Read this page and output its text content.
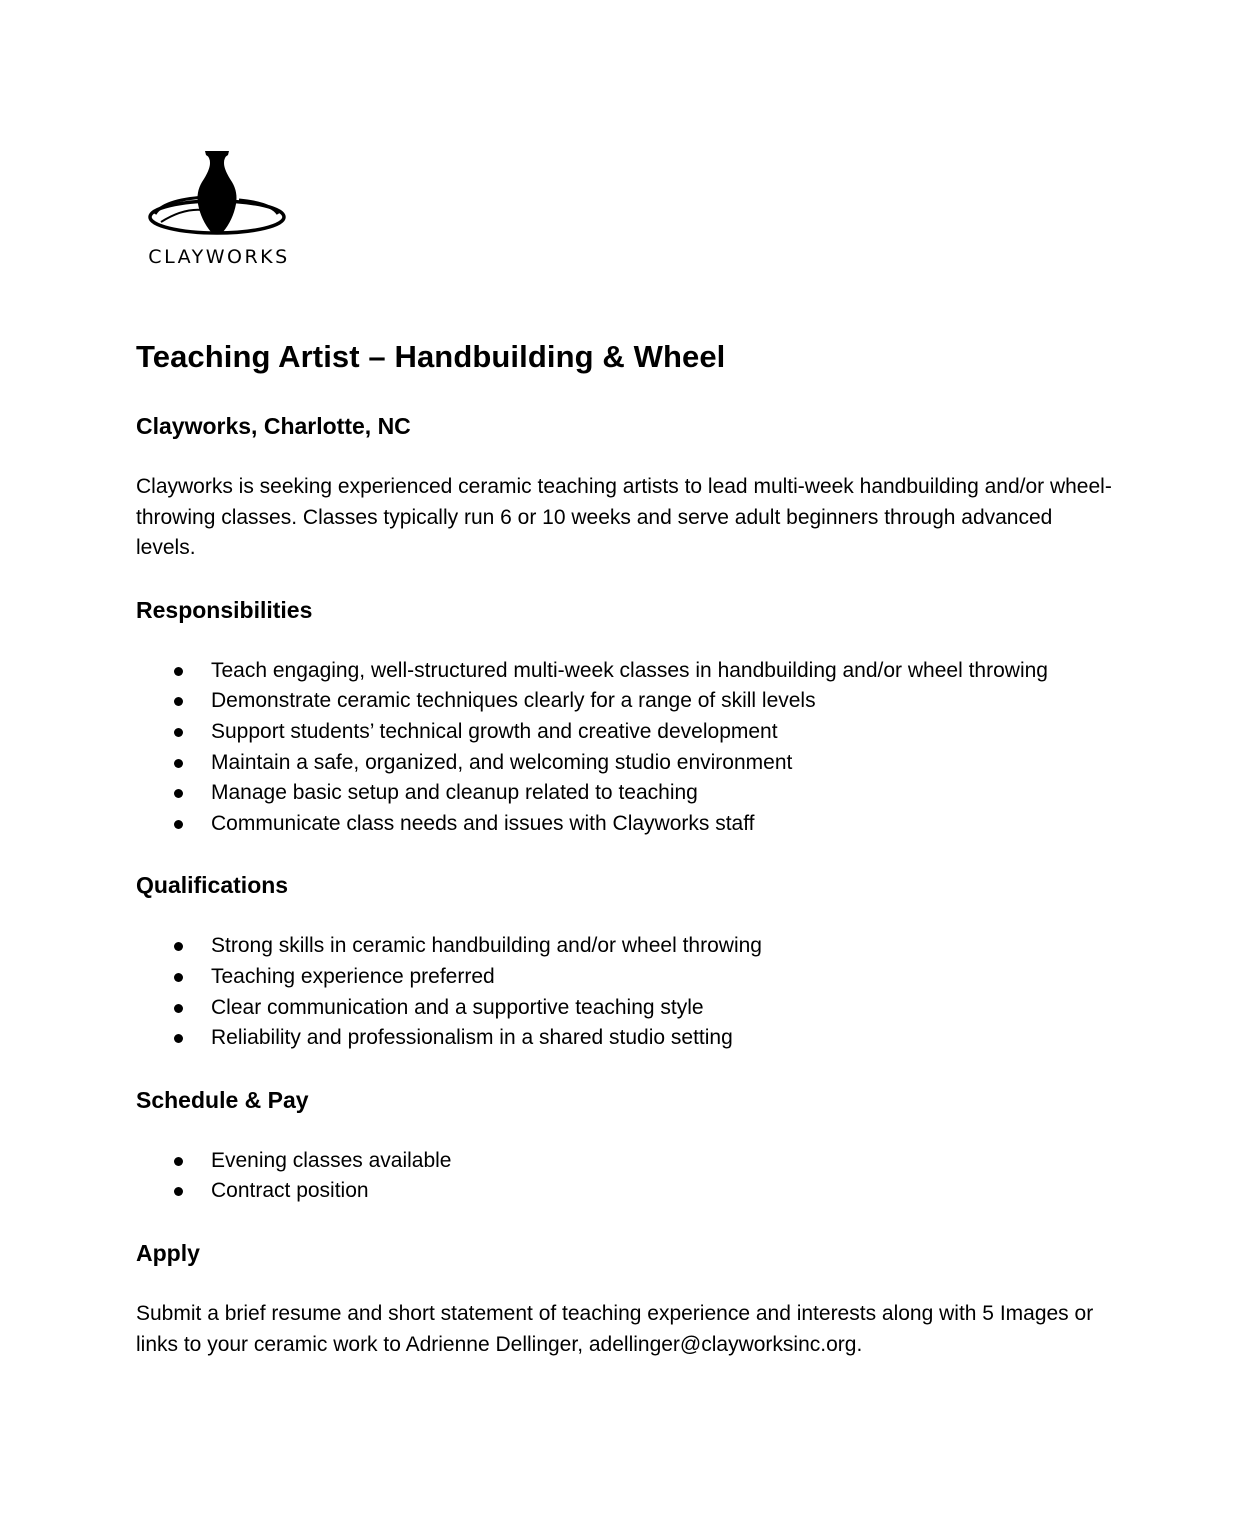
CLAYWORKS
Teaching Artist – Handbuilding & Wheel
Clayworks, Charlotte, NC

Clayworks is seeking experienced ceramic teaching artists to lead multi-week handbuilding and/or wheel-throwing classes. Classes typically run 6 or 10 weeks and serve adult beginners through advanced levels.

Responsibilities
Teach engaging, well-structured multi-week classes in handbuilding and/or wheel throwing
Demonstrate ceramic techniques clearly for a range of skill levels
Support students’ technical growth and creative development
Maintain a safe, organized, and welcoming studio environment
Manage basic setup and cleanup related to teaching
Communicate class needs and issues with Clayworks staff
Qualifications
Strong skills in ceramic handbuilding and/or wheel throwing
Teaching experience preferred
Clear communication and a supportive teaching style
Reliability and professionalism in a shared studio setting
Schedule & Pay
Evening classes available
Contract position
Apply

Submit a brief resume and short statement of teaching experience and interests along with 5 Images or links to your ceramic work to Adrienne Dellinger, adellinger@clayworksinc.org.
